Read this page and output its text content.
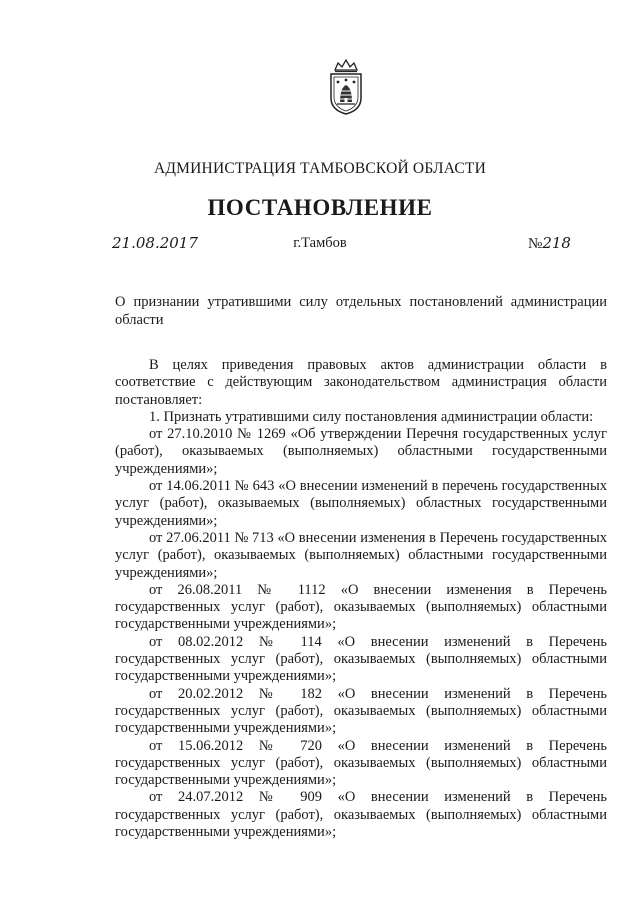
АДМИНИСТРАЦИЯ ТАМБОВСКОЙ ОБЛАСТИ
ПОСТАНОВЛЕНИЕ
21.08.2017	г.Тамбов	№218
О признании утратившими силу отдельных постановлений администрации области

В целях приведения правовых актов администрации области в соответствие с действующим законодательством администрация области постановляет:

1. Признать утратившими силу постановления администрации области:

от 27.10.2010 № 1269 «Об утверждении Перечня государственных услуг (работ), оказываемых (выполняемых) областными государственными учреждениями»;

от 14.06.2011 № 643 «О внесении изменений в перечень государственных услуг (работ), оказываемых (выполняемых) областных государственными учреждениями»;

от 27.06.2011 № 713 «О внесении изменения в Перечень государственных услуг (работ), оказываемых (выполняемых) областными государственными учреждениями»;

от 26.08.2011 № 1112 «О внесении изменения в Перечень государственных услуг (работ), оказываемых (выполняемых) областными государственными учреждениями»;

от 08.02.2012 № 114 «О внесении изменений в Перечень государственных услуг (работ), оказываемых (выполняемых) областными государственными учреждениями»;

от 20.02.2012 № 182 «О внесении изменений в Перечень государственных услуг (работ), оказываемых (выполняемых) областными государственными учреждениями»;

от 15.06.2012 № 720 «О внесении изменений в Перечень государственных услуг (работ), оказываемых (выполняемых) областными государственными учреждениями»;

от 24.07.2012 № 909 «О внесении изменений в Перечень государственных услуг (работ), оказываемых (выполняемых) областными государственными учреждениями»;
